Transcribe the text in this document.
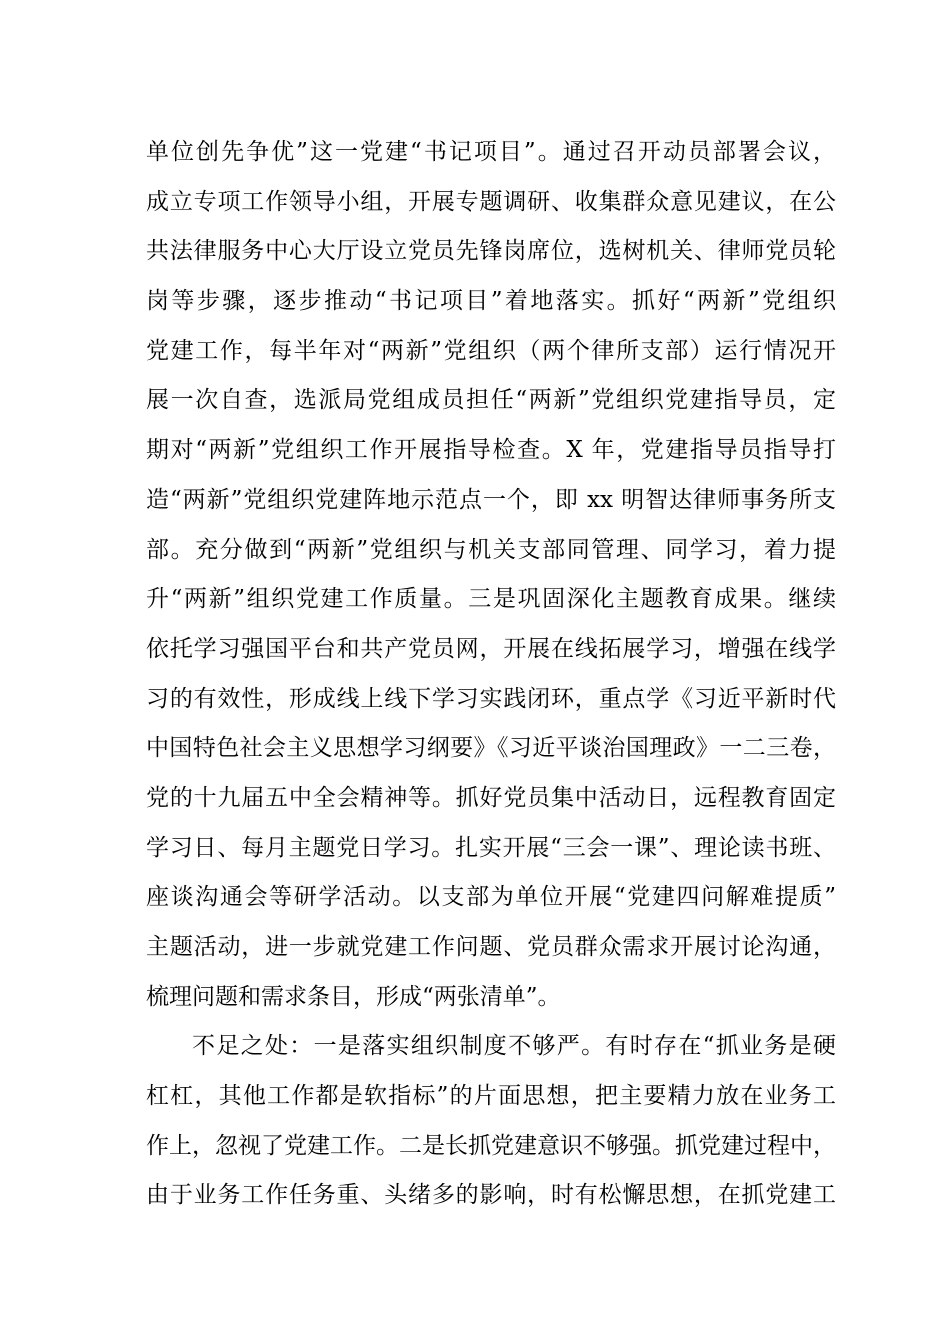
单位创先争优”这一党建“书记项目”。通过召开动员部署会议，
成立专项工作领导小组，开展专题调研、收集群众意见建议，在公
共法律服务中心大厅设立党员先锋岗席位，选树机关、律师党员轮
岗等步骤，逐步推动“书记项目”着地落实。抓好“两新”党组织
党建工作，每半年对“两新”党组织（两个律所支部）运行情况开
展一次自查，选派局党组成员担任“两新”党组织党建指导员，定
期对“两新”党组织工作开展指导检查。X 年，党建指导员指导打
造“两新”党组织党建阵地示范点一个，即 xx 明智达律师事务所支
部。充分做到“两新”党组织与机关支部同管理、同学习，着力提
升“两新”组织党建工作质量。三是巩固深化主题教育成果。继续
依托学习强国平台和共产党员网，开展在线拓展学习，增强在线学
习的有效性，形成线上线下学习实践闭环，重点学《习近平新时代
中国特色社会主义思想学习纲要》《习近平谈治国理政》一二三卷，
党的十九届五中全会精神等。抓好党员集中活动日，远程教育固定
学习日、每月主题党日学习。扎实开展“三会一课”、理论读书班、
座谈沟通会等研学活动。以支部为单位开展“党建四问解难提质”
主题活动，进一步就党建工作问题、党员群众需求开展讨论沟通，
梳理问题和需求条目，形成“两张清单”。
不足之处：一是落实组织制度不够严。有时存在“抓业务是硬
杠杠，其他工作都是软指标”的片面思想，把主要精力放在业务工
作上，忽视了党建工作。二是长抓党建意识不够强。抓党建过程中，
由于业务工作任务重、头绪多的影响，时有松懈思想，在抓党建工
